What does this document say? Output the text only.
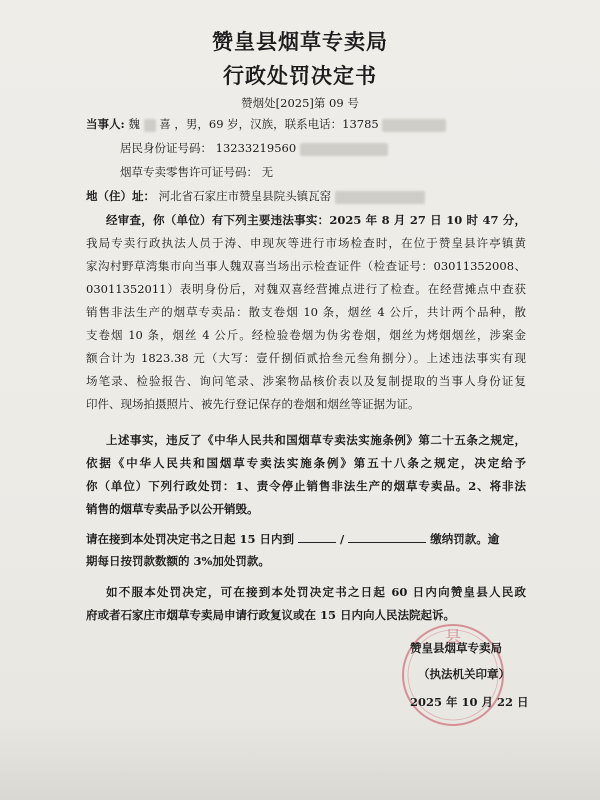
赞皇县烟草专卖局
行政处罚决定书
赞烟处[2025]第 09 号
当事人: 魏 喜 ，男，69 岁，汉族，联系电话：13785
居民身份证号码： 13233219560
烟草专卖零售许可证号码： 无
地（住）址： 河北省石家庄市赞皇县院头镇瓦窑
经审查，你（单位）有下列主要违法事实：2025 年 8 月 27 日 10 时 47 分，
我局专卖行政执法人员于涛、申现灰等进行市场检查时，在位于赞皇县许亭镇黄
家沟村野草湾集市向当事人魏双喜当场出示检查证件（检查证号：03011352008、
03011352011）表明身份后，对魏双喜经营摊点进行了检查。在经营摊点中查获
销售非法生产的烟草专卖品：散支卷烟 10 条，烟丝 4 公斤，共计两个品种，散
支卷烟 10 条，烟丝 4 公斤。经检验卷烟为伪劣卷烟，烟丝为烤烟烟丝，涉案金
额合计为 1823.38 元（大写：壹仟捌佰贰拾叁元叁角捌分）。上述违法事实有现
场笔录、检验报告、询问笔录、涉案物品核价表以及复制提取的当事人身份证复
印件、现场拍摄照片、被先行登记保存的卷烟和烟丝等证据为证。
上述事实，违反了《中华人民共和国烟草专卖法实施条例》第二十五条之规定，
依据《中华人民共和国烟草专卖法实施条例》第五十八条之规定，决定给予
你（单位）下列行政处罚：1、责令停止销售非法生产的烟草专卖品。2、将非法
销售的烟草专卖品予以公开销毁。
请在接到本处罚决定书之日起 15 日内到	/	缴纳罚款。逾
期每日按罚款数额的 3%加处罚款。
如不服本处罚决定，可在接到本处罚决定书之日起 60 日内向赞皇县人民政
府或者石家庄市烟草专卖局申请行政复议或在 15 日内向人民法院起诉。
县
赞皇县烟草专卖局
（执法机关印章）
2025 年 10 月 22 日
